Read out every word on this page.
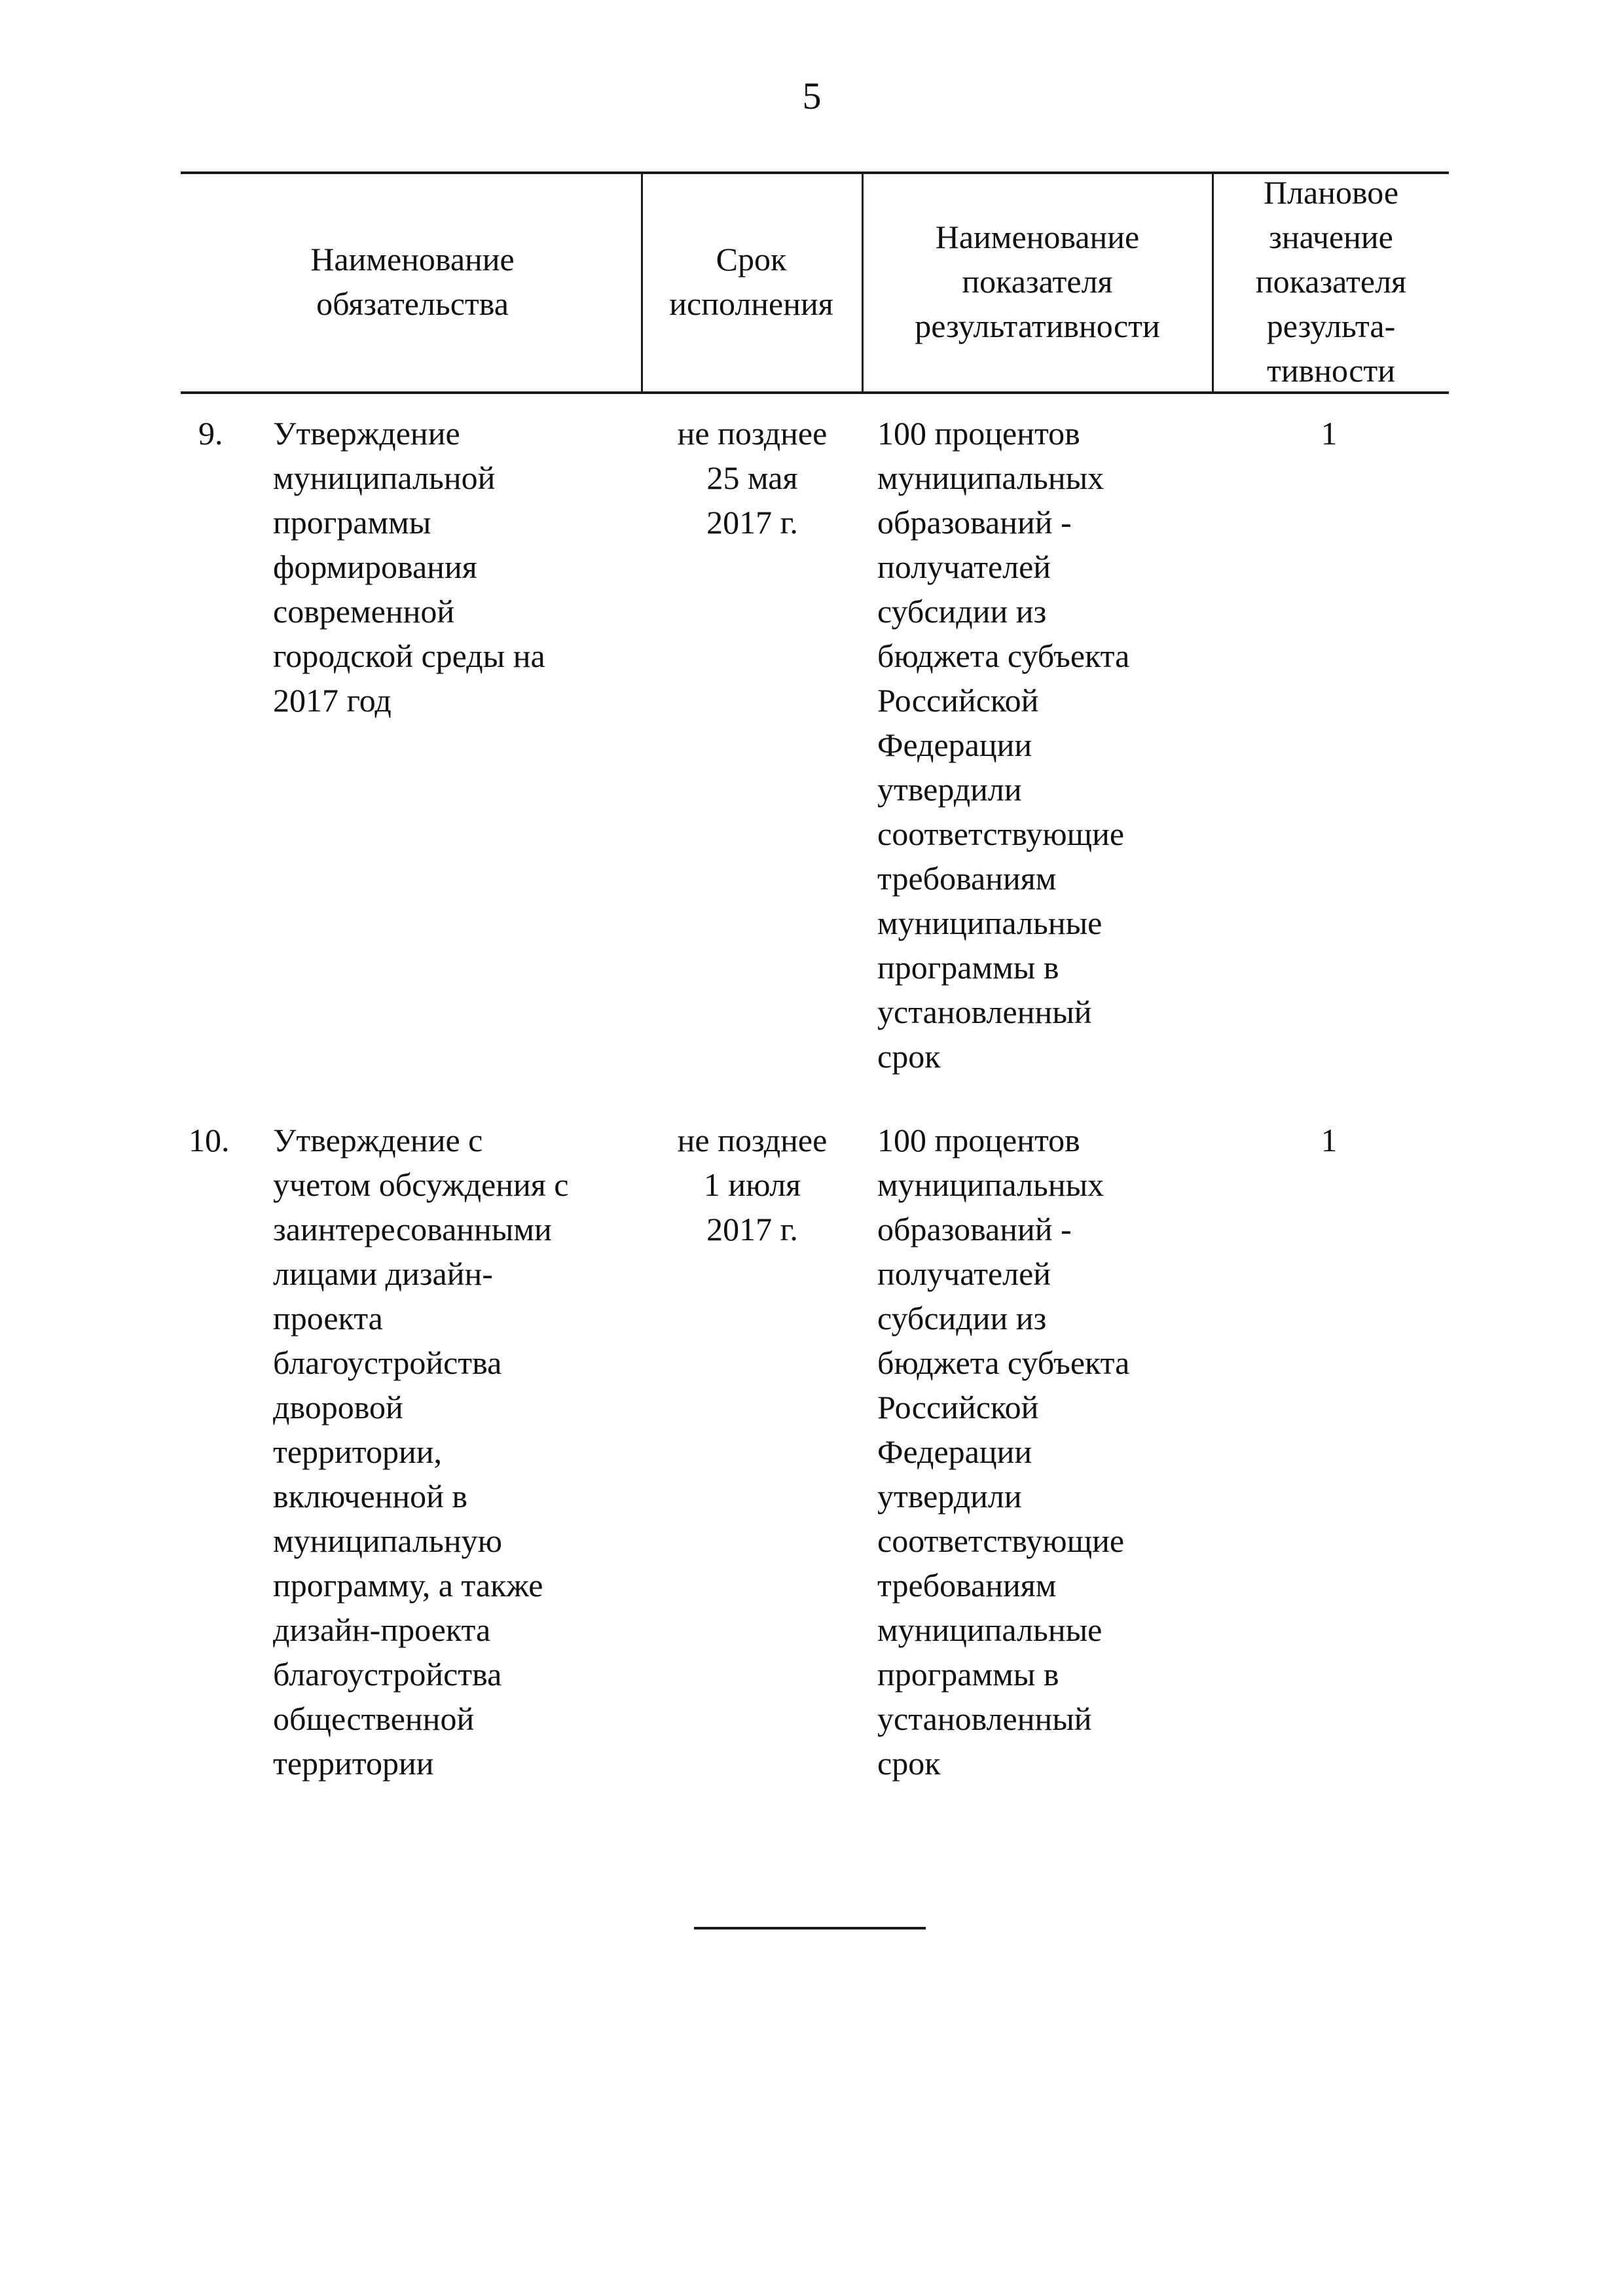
5
Наименование
обязательства
Срок
исполнения
Наименование
показателя
результативности
Плановое
значение
показателя
результа-
тивности
9.	Утверждение
муниципальной
программы
формирования
современной
городской среды на
2017 год
не позднее
25 мая
2017 г.
100 процентов
муниципальных
образований -
получателей
субсидии из
бюджета субъекта
Российской
Федерации
утвердили
соответствующие
требованиям
муниципальные
программы в
установленный
срок
1
10.	Утверждение с
учетом обсуждения с
заинтересованными
лицами дизайн-
проекта
благоустройства
дворовой
территории,
включенной в
муниципальную
программу, а также
дизайн-проекта
благоустройства
общественной
территории
не позднее
1 июля
2017 г.
100 процентов
муниципальных
образований -
получателей
субсидии из
бюджета субъекта
Российской
Федерации
утвердили
соответствующие
требованиям
муниципальные
программы в
установленный
срок
1
